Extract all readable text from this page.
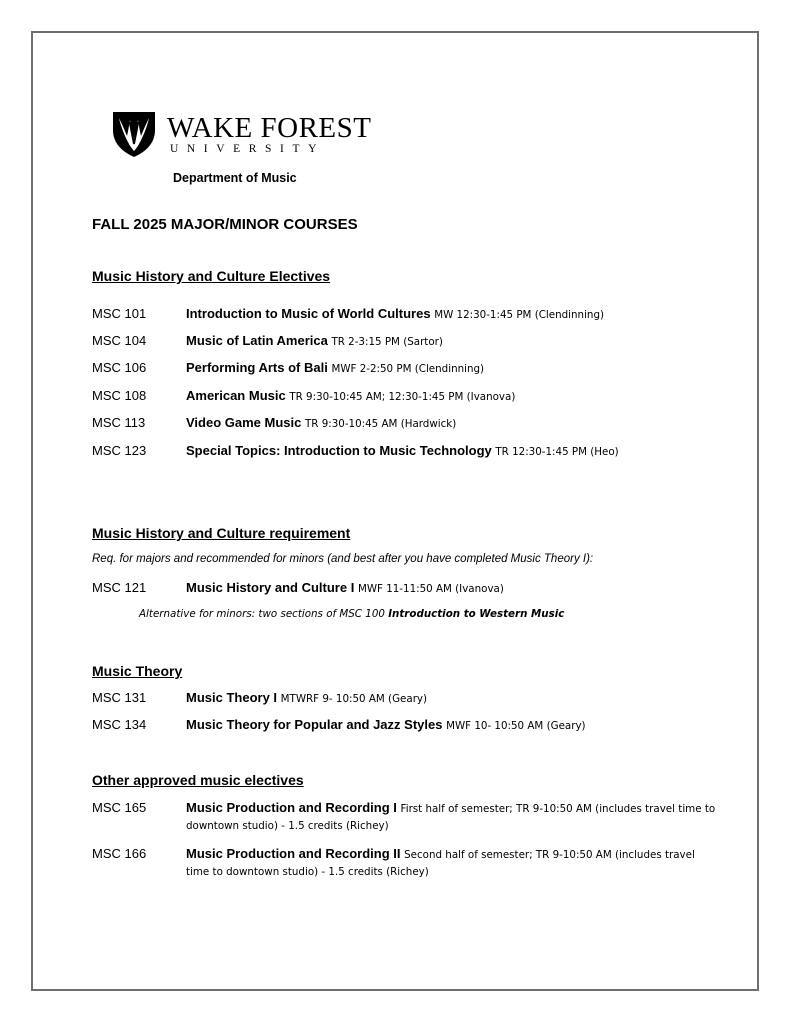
WAKE FOREST
UNIVERSITY
Department of Music
FALL 2025 MAJOR/MINOR COURSES
Music History and Culture Electives
MSC 101	Introduction to Music of World Cultures MW 12:30-1:45 PM (Clendinning)
MSC 104	Music of Latin America TR 2-3:15 PM (Sartor)
MSC 106	Performing Arts of Bali MWF 2-2:50 PM (Clendinning)
MSC 108	American Music TR 9:30-10:45 AM; 12:30-1:45 PM (Ivanova)
MSC 113	Video Game Music TR 9:30-10:45 AM (Hardwick)
MSC 123	Special Topics: Introduction to Music Technology TR 12:30-1:45 PM (Heo)
Music History and Culture requirement
Req. for majors and recommended for minors (and best after you have completed Music Theory I):
MSC 121	Music History and Culture I MWF 11-11:50 AM (Ivanova)
Alternative for minors: two sections of MSC 100 Introduction to Western Music
Music Theory
MSC 131	Music Theory I MTWRF 9- 10:50 AM (Geary)
MSC 134	Music Theory for Popular and Jazz Styles MWF 10- 10:50 AM (Geary)
Other approved music electives
MSC 165	Music Production and Recording I First half of semester; TR 9-10:50 AM (includes travel time to downtown studio) - 1.5 credits (Richey)
MSC 166	Music Production and Recording II Second half of semester; TR 9-10:50 AM (includes travel time to downtown studio) - 1.5 credits (Richey)
